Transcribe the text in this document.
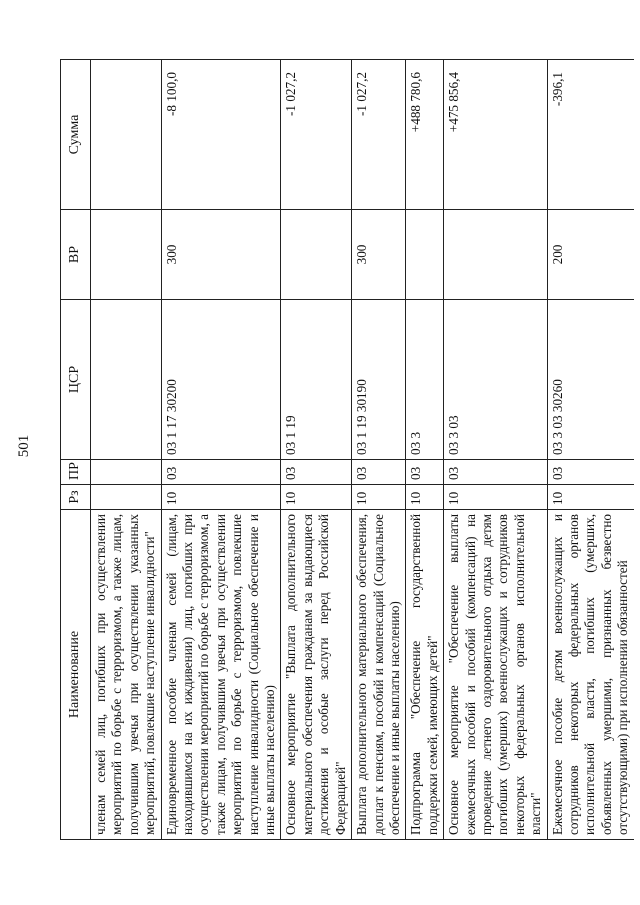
501
Наименование	Рз	ПР	ЦСР	ВР	Сумма
членам семей лиц, погибших при осуществлении мероприятий по борьбе с терроризмом, а также лицам, получившим увечья при осуществлении указанных мероприятий, повлекшие наступление инвалидности"					
Единовременное пособие членам семей (лицам, находившимся на их иждивении) лиц, погибших при осуществлении мероприятий по борьбе с терроризмом, а также лицам, получившим увечья при осуществлении мероприятий по борьбе с терроризмом, повлекшие наступление инвалидности (Социальное обеспечение и иные выплаты населению)	10	03	03 1 17 30200	300	-8 100,0
Основное мероприятие "Выплата дополнительного материального обеспечения гражданам за выдающиеся достижения и особые заслуги перед Российской Федерацией"	10	03	03 1 19		-1 027,2
Выплата дополнительного материального обеспечения, доплат к пенсиям, пособий и компенсаций (Социальное обеспечение и иные выплаты населению)	10	03	03 1 19 30190	300	-1 027,2
Подпрограмма "Обеспечение государственной поддержки семей, имеющих детей"	10	03	03 3		+488 780,6
Основное мероприятие "Обеспечение выплаты ежемесячных пособий и пособий (компенсаций) на проведение летнего оздоровительного отдыха детям погибших (умерших) военнослужащих и сотрудников некоторых федеральных органов исполнительной власти"	10	03	03 3 03		+475 856,4
Ежемесячное пособие детям военнослужащих и сотрудников некоторых федеральных органов исполнительной власти, погибших (умерших, объявленных умершими, признанных безвестно отсутствующими) при исполнении обязанностей	10	03	03 3 03 30260	200	-396,1
